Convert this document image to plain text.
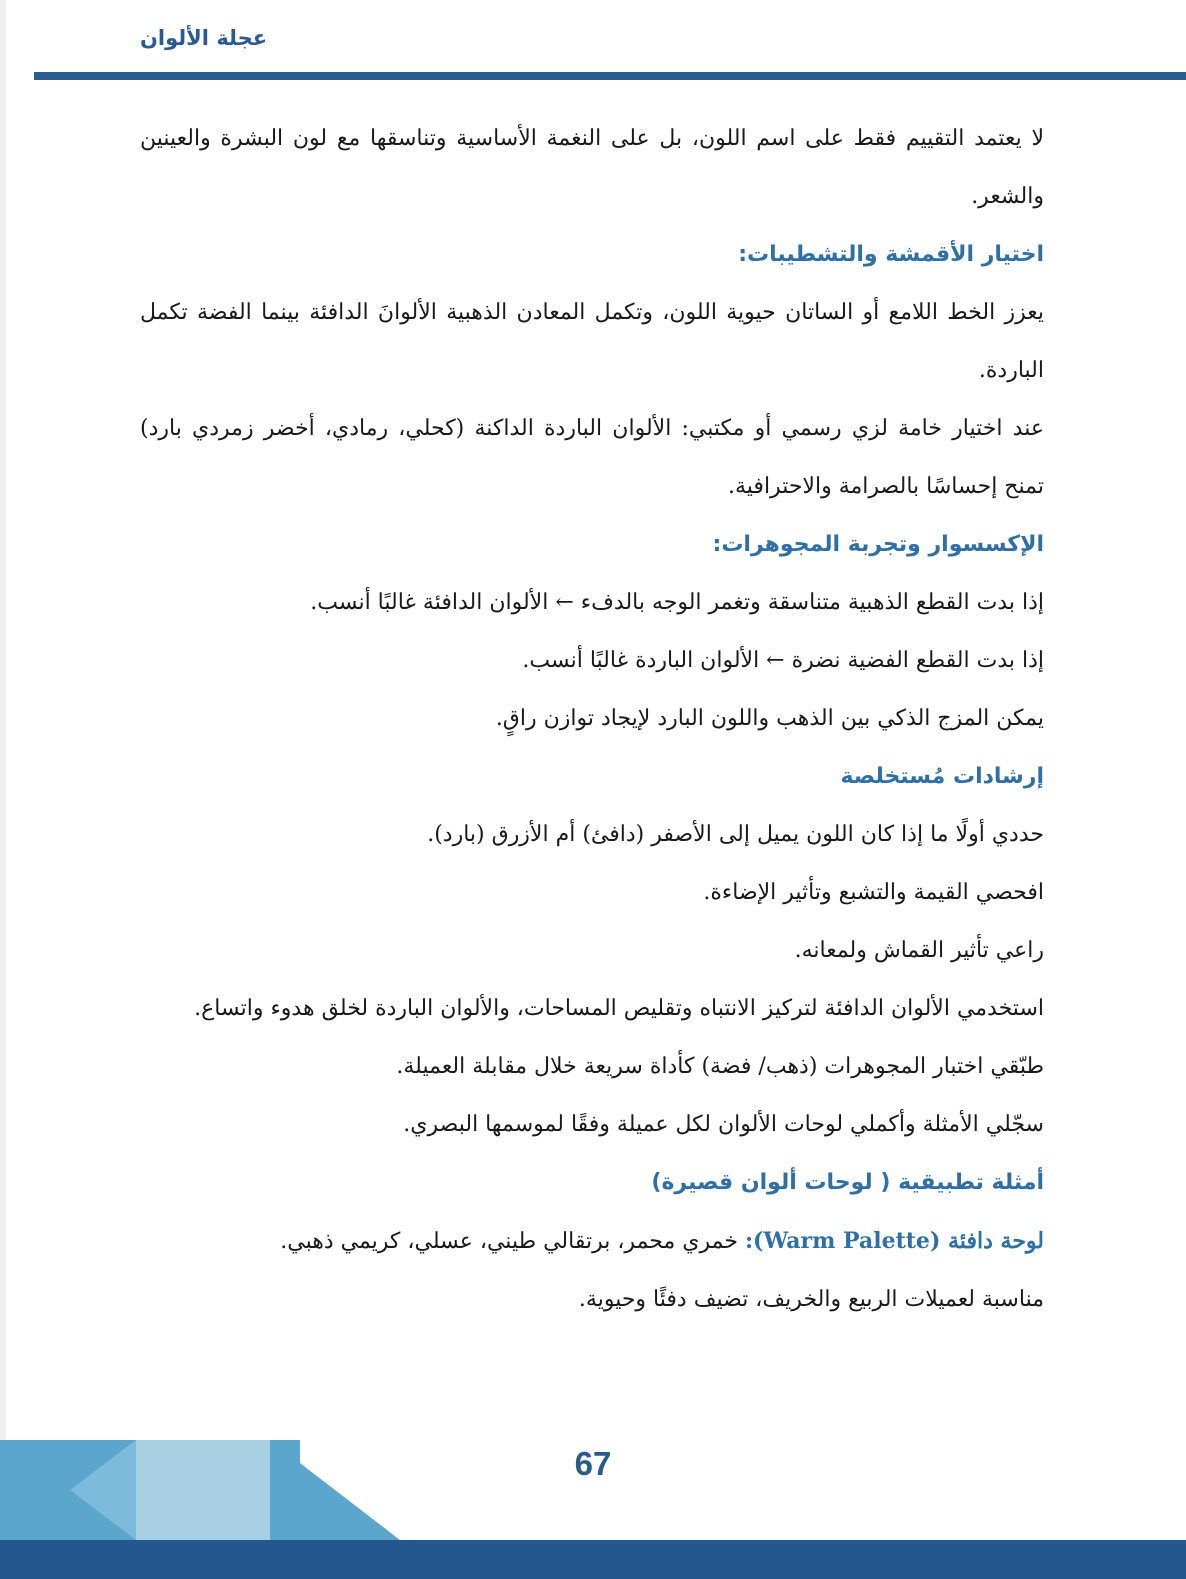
عجلة الألوان

لا يعتمد التقييم فقط على اسم اللون، بل على النغمة الأساسية وتناسقها مع لون البشرة والعينين والشعر.

اختيار الأقمشة والتشطيبات:

يعزز الخط اللامع أو الساتان حيوية اللون، وتكمل المعادن الذهبية الألوانَ الدافئة بينما الفضة تكمل الباردة.

عند اختيار خامة لزي رسمي أو مكتبي: الألوان الباردة الداكنة (كحلي، رمادي، أخضر زمردي بارد) تمنح إحساسًا بالصرامة والاحترافية.

الإكسسوار وتجربة المجوهرات:

إذا بدت القطع الذهبية متناسقة وتغمر الوجه بالدفء ← الألوان الدافئة غالبًا أنسب.

إذا بدت القطع الفضية نضرة ← الألوان الباردة غالبًا أنسب.

يمكن المزج الذكي بين الذهب واللون البارد لإيجاد توازن راقٍ.

إرشادات مُستخلصة

حددي أولًا ما إذا كان اللون يميل إلى الأصفر (دافئ) أم الأزرق (بارد).

افحصي القيمة والتشبع وتأثير الإضاءة.

راعي تأثير القماش ولمعانه.

استخدمي الألوان الدافئة لتركيز الانتباه وتقليص المساحات، والألوان الباردة لخلق هدوء واتساع.

طبّقي اختبار المجوهرات (ذهب/ فضة) كأداة سريعة خلال مقابلة العميلة.

سجّلي الأمثلة وأكملي لوحات الألوان لكل عميلة وفقًا لموسمها البصري.

أمثلة تطبيقية ( لوحات ألوان قصيرة)

لوحة دافئة (Warm Palette): خمري محمر، برتقالي طيني، عسلي، كريمي ذهبي.

مناسبة لعميلات الربيع والخريف، تضيف دفئًا وحيوية.

67
